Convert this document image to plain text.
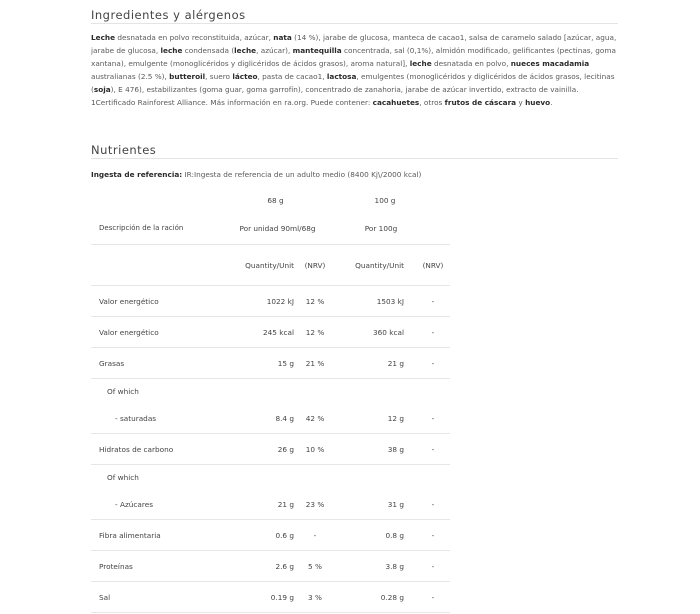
Ingredientes y alérgenos
Leche desnatada en polvo reconstituida, azúcar, nata (14 %), jarabe de glucosa, manteca de cacao1, salsa de caramelo salado [azúcar, agua, jarabe de glucosa, leche condensada (leche, azúcar), mantequilla concentrada, sal (0,1%), almidón modificado, gelificantes (pectinas, goma xantana), emulgente (monoglicéridos y diglicéridos de ácidos grasos), aroma natural], leche desnatada en polvo, nueces macadamia australianas (2.5 %), butteroil, suero lácteo, pasta de cacao1, lactosa, emulgentes (monoglicéridos y diglicéridos de ácidos grasos, lecitinas (soja), E 476), estabilizantes (goma guar, goma garrofín), concentrado de zanahoria, jarabe de azúcar invertido, extracto de vainilla. 1Certificado Rainforest Alliance. Más información en ra.org. Puede contener: cacahuetes, otros frutos de cáscara y huevo.
Nutrientes
Ingesta de referencia: IR:Ingesta de referencia de un adulto medio (8400 Kj\/2000 kcal)
	68 g		100 g	
Descripción de la ración	Por unidad 90ml/68g		Por 100g	
	Quantity/Unit	(NRV)	Quantity/Unit	(NRV)
Valor energético	1022 kJ	12 %	1503 kJ	-
Valor energético	245 kcal	12 %	360 kcal	-
Grasas	15 g	21 %	21 g	-
Of which				
- saturadas	8.4 g	42 %	12 g	-
Hidratos de carbono	26 g	10 %	38 g	-
Of which				
- Azúcares	21 g	23 %	31 g	-
Fibra alimentaria	0.6 g	-	0.8 g	-
Proteínas	2.6 g	5 %	3.8 g	-
Sal	0.19 g	3 %	0.28 g	-
